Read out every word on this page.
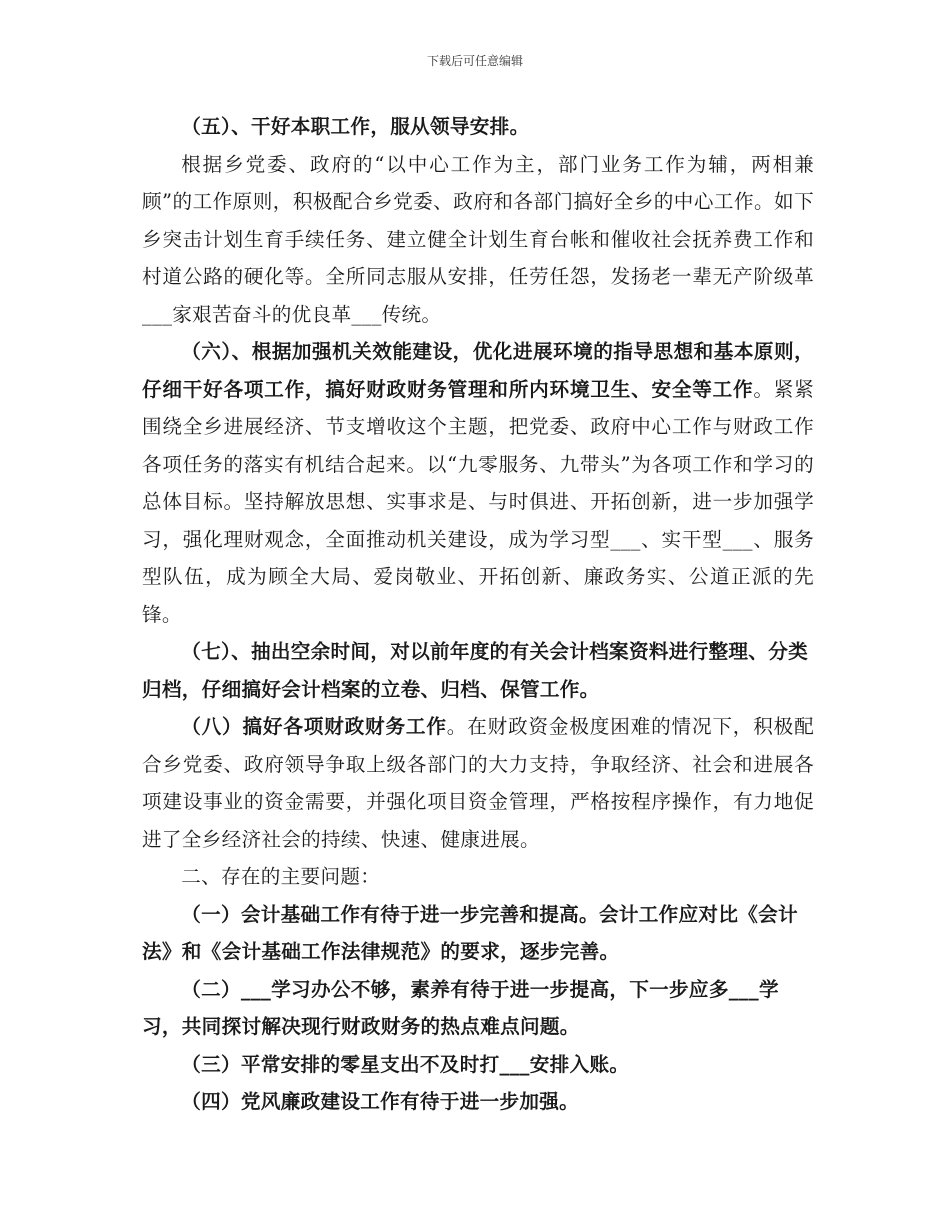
下载后可任意编辑

（五）、干好本职工作，服从领导安排。

根据乡党委、政府的“以中心工作为主，部门业务工作为辅，两相兼顾”的工作原则，积极配合乡党委、政府和各部门搞好全乡的中心工作。如下乡突击计划生育手续任务、建立健全计划生育台帐和催收社会抚养费工作和村道公路的硬化等。全所同志服从安排，任劳任怨，发扬老一辈无产阶级革___家艰苦奋斗的优良革___传统。

（六）、根据加强机关效能建设，优化进展环境的指导思想和基本原则，仔细干好各项工作，搞好财政财务管理和所内环境卫生、安全等工作。紧紧围绕全乡进展经济、节支增收这个主题，把党委、政府中心工作与财政工作各项任务的落实有机结合起来。以“九零服务、九带头”为各项工作和学习的总体目标。坚持解放思想、实事求是、与时俱进、开拓创新，进一步加强学习，强化理财观念，全面推动机关建设，成为学习型___、实干型___、服务型队伍，成为顾全大局、爱岗敬业、开拓创新、廉政务实、公道正派的先锋。

（七）、抽出空余时间，对以前年度的有关会计档案资料进行整理、分类归档，仔细搞好会计档案的立卷、归档、保管工作。

（八）搞好各项财政财务工作。在财政资金极度困难的情况下，积极配合乡党委、政府领导争取上级各部门的大力支持，争取经济、社会和进展各项建设事业的资金需要，并强化项目资金管理，严格按程序操作，有力地促进了全乡经济社会的持续、快速、健康进展。

二、存在的主要问题：

（一）会计基础工作有待于进一步完善和提高。会计工作应对比《会计法》和《会计基础工作法律规范》的要求，逐步完善。

（二）___学习办公不够，素养有待于进一步提高，下一步应多___学习，共同探讨解决现行财政财务的热点难点问题。

（三）平常安排的零星支出不及时打___安排入账。

（四）党风廉政建设工作有待于进一步加强。
